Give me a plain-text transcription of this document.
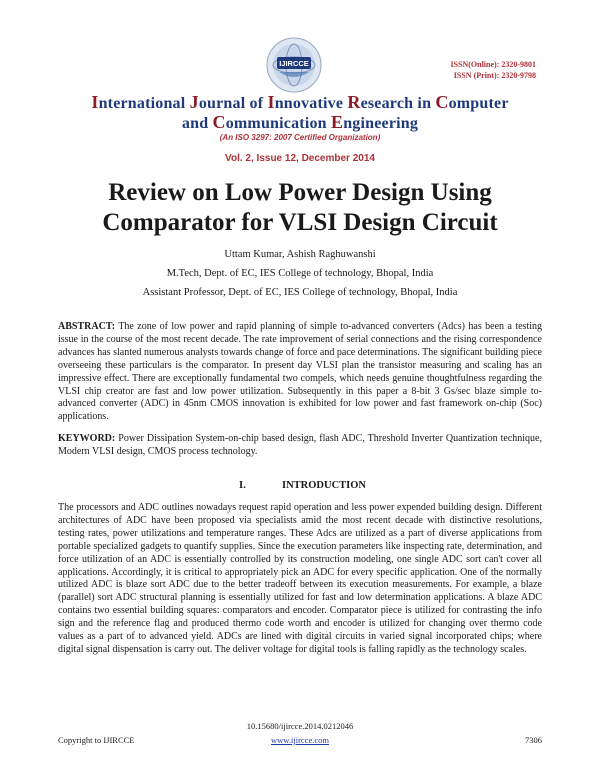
IJIRCCE	ISSN(Online): 2320-9801
ISSN (Print): 2320-9798
International Journal of Innovative Research in Computer
and Communication Engineering
(An ISO 3297: 2007 Certified Organization)
Vol. 2, Issue 12, December 2014
Review on Low Power Design Using
Comparator for VLSI Design Circuit
Uttam Kumar, Ashish Raghuwanshi
M.Tech, Dept. of EC, IES College of technology, Bhopal, India
Assistant Professor, Dept. of EC, IES College of technology, Bhopal, India
ABSTRACT: The zone of low power and rapid planning of simple to-advanced converters (Adcs) has been a testing issue in the course of the most recent decade. The rate improvement of serial connections and the rising correspondence advances has slanted numerous analysts towards change of force and pace determinations. The significant building piece overseeing these particulars is the comparator. In present day VLSI plan the transistor measuring and scaling has an impressive effect. There are exceptionally fundamental two compels, which needs genuine thoughtfulness regarding the VLSI chip creator are fast and low power utilization. Subsequently in this paper a 8-bit 3 Gs/sec blaze simple to-advanced converter (ADC) in 45nm CMOS innovation is exhibited for low power and fast framework on-chip (Soc) applications.
KEYWORD: Power Dissipation System-on-chip based design, flash ADC, Threshold Inverter Quantization technique, Modern VLSI design, CMOS process technology.
I.	INTRODUCTION
The processors and ADC outlines nowadays request rapid operation and less power expended building design. Different architectures of ADC have been proposed via specialists amid the most recent decade with distinctive resolutions, testing rates, power utilizations and temperature ranges. These Adcs are utilized as a part of diverse applications from portable specialized gadgets to quantify supplies. Since the execution parameters like inspecting rate, determination, and force utilization of an ADC is essentially controlled by its construction modeling, one single ADC sort can't cover all applications. Accordingly, it is critical to appropriately pick an ADC for every specific application. One of the normally utilized ADC is blaze sort ADC due to the better tradeoff between its execution measurements. For example, a blaze (parallel) sort ADC structural planning is essentially utilized for fast and low determination applications. A blaze ADC contains two essential building squares: comparators and encoder. Comparator piece is utilized for contrasting the info sign and the reference flag and produced thermo code worth and encoder is utilized for changing over thermo code values as a part of to advanced yield. ADCs are lined with digital circuits in varied signal incorporated chips; where digital signal dispensation is carry out. The deliver voltage for digital tools is falling rapidly as the technology scales.
10.15680/ijircce.2014.0212046
Copyright to IJIRCCE	www.ijircce.com	7306
